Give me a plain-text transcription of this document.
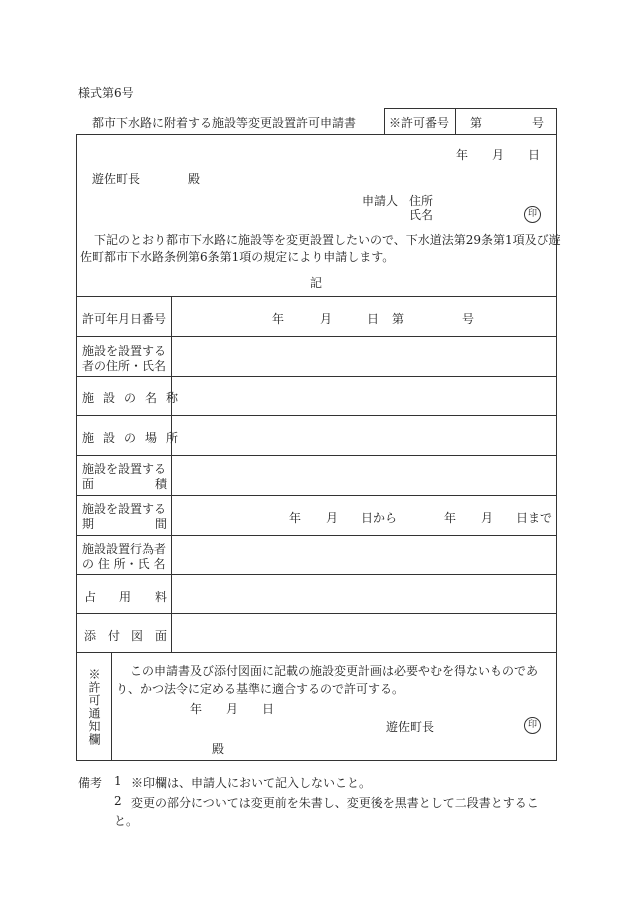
様式第6号
都市下水路に附着する施設等変更設置許可申請書	※許可番号 第	号
年 月 日
遊佐町長	殿
申請人 住所
氏名	印
下記のとおり都市下水路に施設等を変更設置したいので、下水道法第29条第1項及び遊
佐町都市下水路条例第6条第1項の規定により申請します。
記
許可年月日番号	年	月	日 第	号
施設を設置する
者の住所・氏名
施設の名称
施設の場所
施設を設置する
面	積
施設を設置する
期	間	年 月 日から	年 月 日まで
施設設置行為者
の 住 所・氏 名
占 用 料
添 付 図 面
※許可通知欄 この申請書及び添付図面に記載の施設変更計画は必要やむを得ないものであ
り、かつ法令に定める基準に適合するので許可する。
年 月 日
遊佐町長	印
殿
備考 1 ※印欄は、申請人において記入しないこと。
2 変更の部分については変更前を朱書し、変更後を黒書として二段書とするこ
と。
